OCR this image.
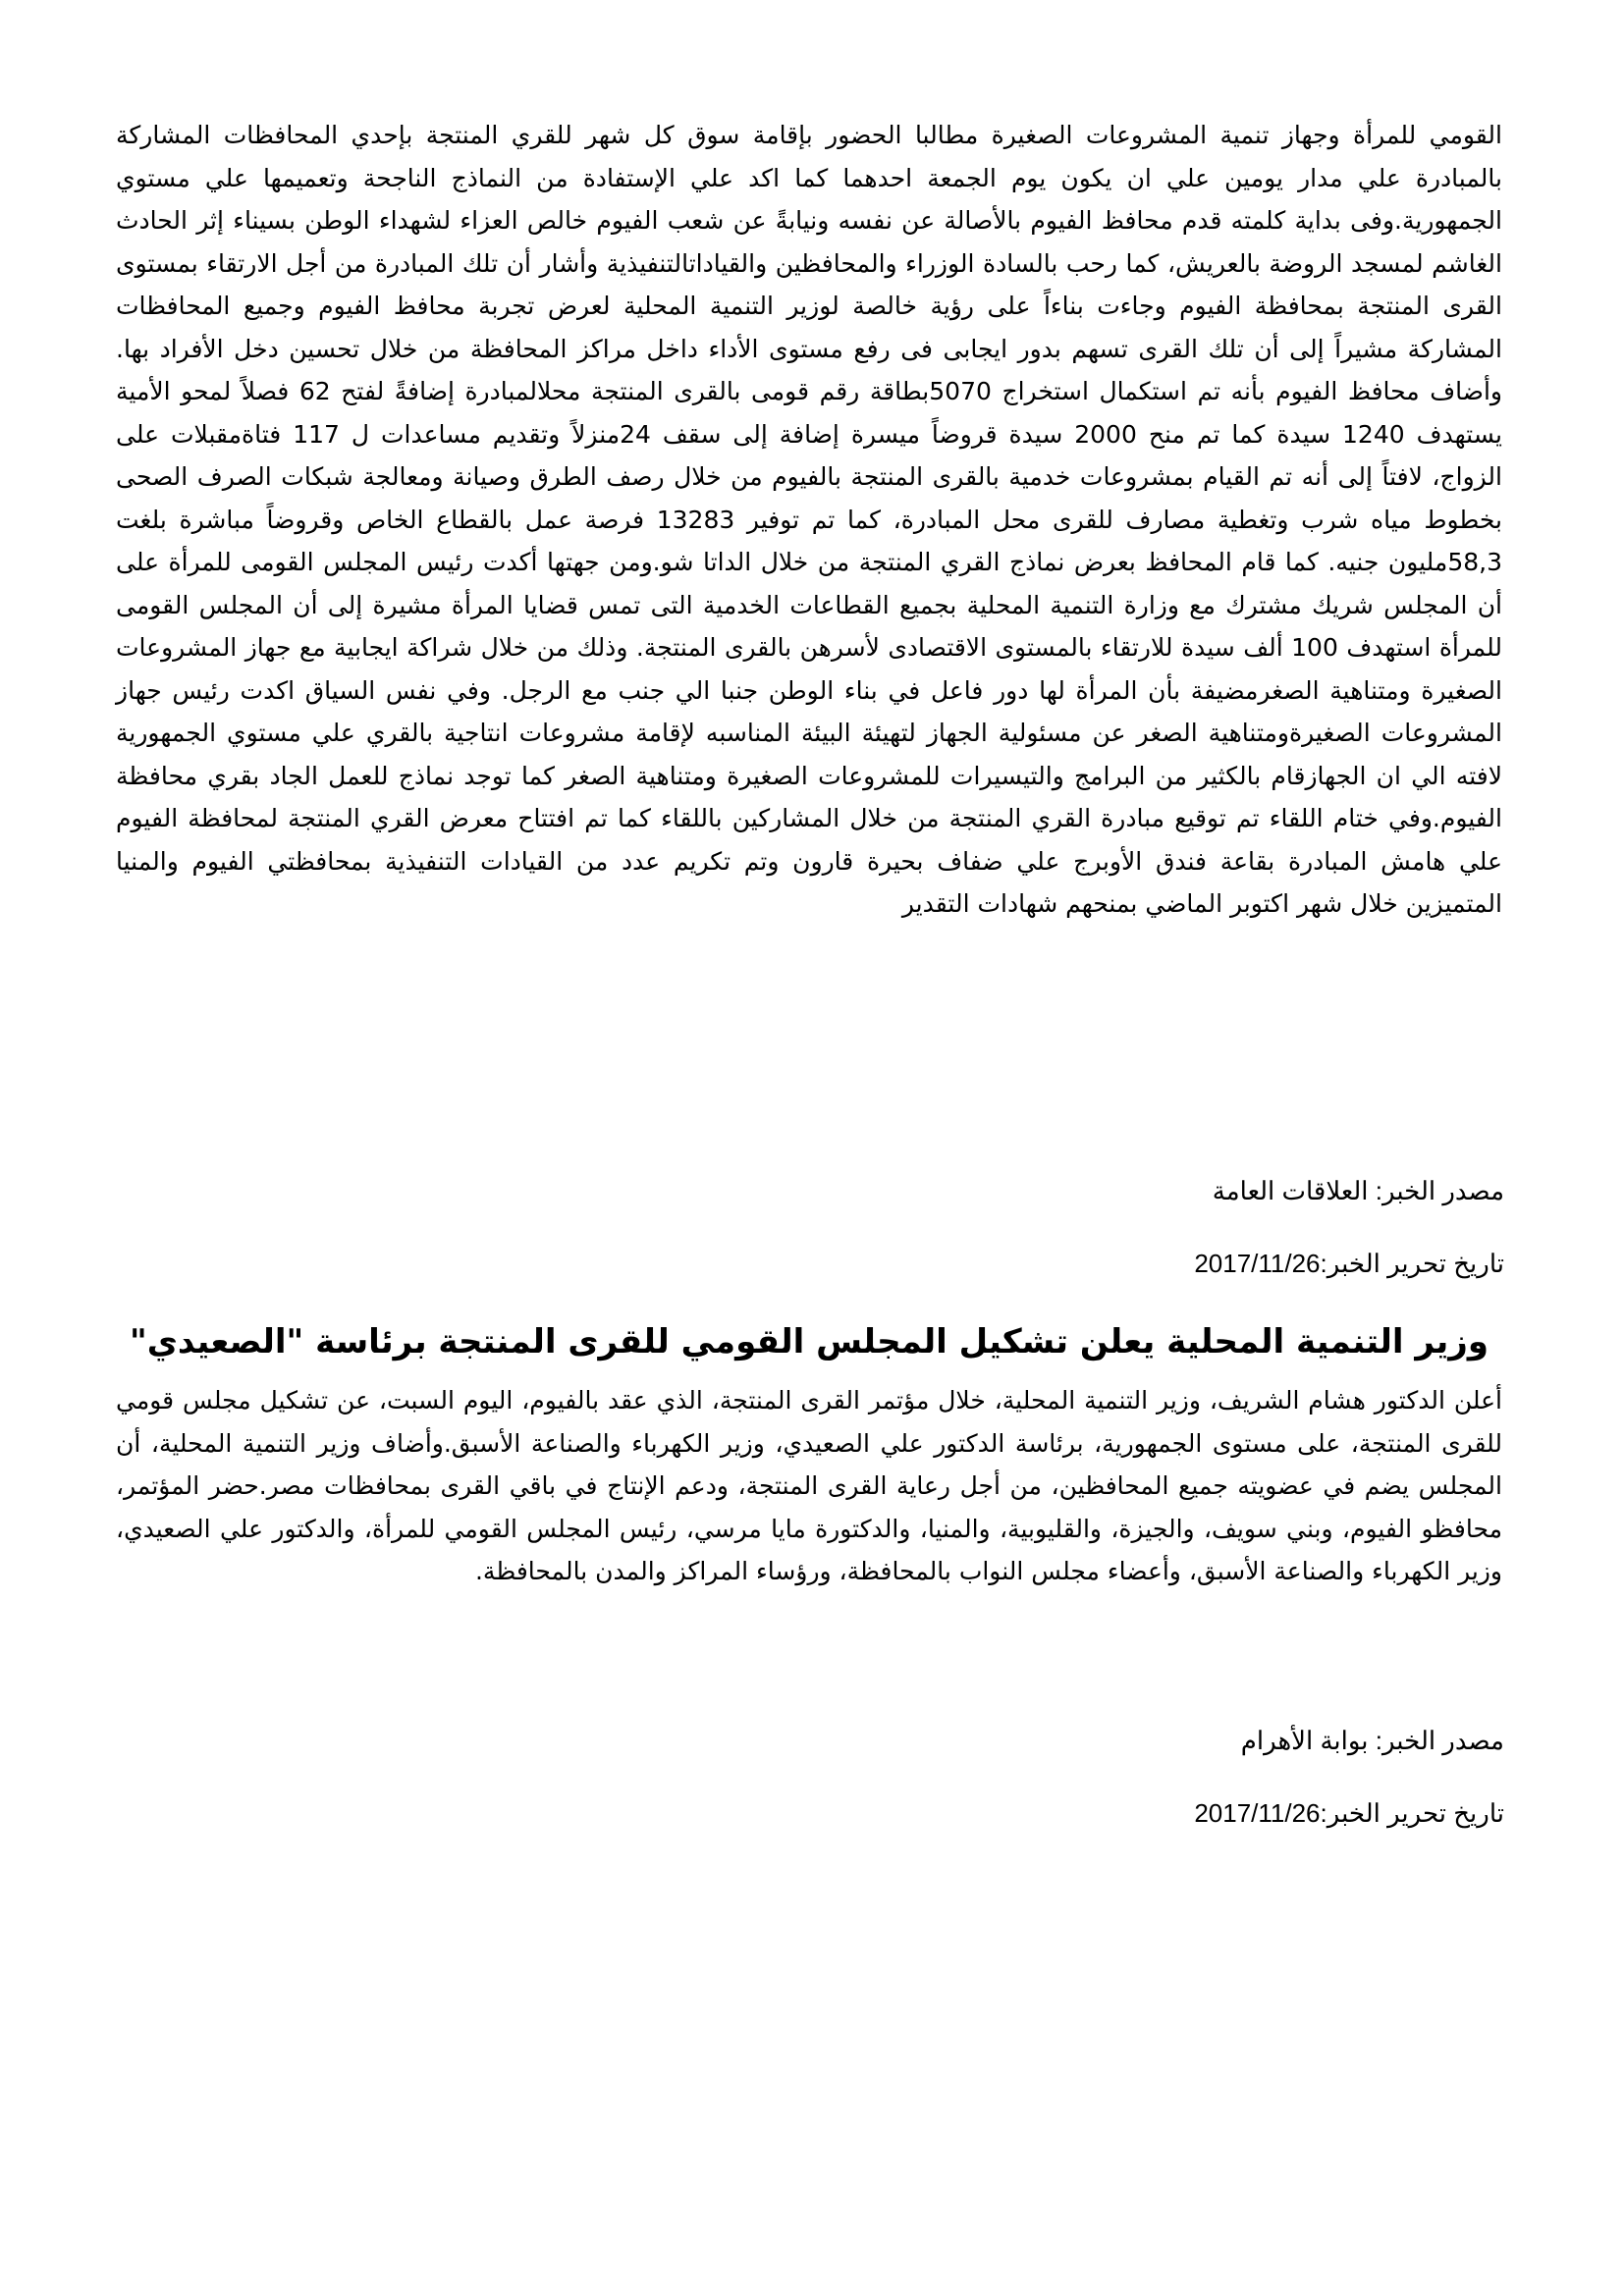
القومي للمرأة وجهاز تنمية المشروعات الصغيرة مطالبا الحضور بإقامة سوق كل شهر للقري المنتجة بإحدي المحافظات المشاركة بالمبادرة علي مدار يومين علي ان يكون يوم الجمعة احدهما كما اكد علي الإستفادة من النماذج الناجحة وتعميمها علي مستوي الجمهورية.وفى بداية كلمته قدم محافظ الفيوم بالأصالة عن نفسه ونيابةً عن شعب الفيوم خالص العزاء لشهداء الوطن بسيناء إثر الحادث الغاشم لمسجد الروضة بالعريش، كما رحب بالسادة الوزراء والمحافظين والقياداتالتنفيذية وأشار أن تلك المبادرة من أجل الارتقاء بمستوى القرى المنتجة بمحافظة الفيوم وجاءت بناءاً على رؤية خالصة لوزير التنمية المحلية لعرض تجربة محافظ الفيوم وجميع المحافظات المشاركة مشيراً إلى أن تلك القرى تسهم بدور ايجابى فى رفع مستوى الأداء داخل مراكز المحافظة من خلال تحسين دخل الأفراد بها. وأضاف محافظ الفيوم بأنه تم استكمال استخراج 5070بطاقة رقم قومى بالقرى المنتجة محلالمبادرة إضافةً لفتح 62 فصلاً لمحو الأمية يستهدف 1240 سيدة كما تم منح 2000 سيدة قروضاً ميسرة إضافة إلى سقف 24منزلاً وتقديم مساعدات ل 117 فتاةمقبلات على الزواج، لافتاً إلى أنه تم القيام بمشروعات خدمية بالقرى المنتجة بالفيوم من خلال رصف الطرق وصيانة ومعالجة شبكات الصرف الصحى بخطوط مياه شرب وتغطية مصارف للقرى محل المبادرة، كما تم توفير 13283 فرصة عمل بالقطاع الخاص وقروضاً مباشرة بلغت 58,3مليون جنيه. كما قام المحافظ بعرض نماذج القري المنتجة من خلال الداتا شو.ومن جهتها أكدت رئيس المجلس القومى للمرأة على أن المجلس شريك مشترك مع وزارة التنمية المحلية بجميع القطاعات الخدمية التى تمس قضايا المرأة مشيرة إلى أن المجلس القومى للمرأة استهدف 100 ألف سيدة للارتقاء بالمستوى الاقتصادى لأسرهن بالقرى المنتجة. وذلك من خلال شراكة ايجابية مع جهاز المشروعات الصغيرة ومتناهية الصغرمضيفة بأن المرأة لها دور فاعل في بناء الوطن جنبا الي جنب مع الرجل. وفي نفس السياق اكدت رئيس جهاز المشروعات الصغيرةومتناهية الصغر عن مسئولية الجهاز لتهيئة البيئة المناسبه لإقامة مشروعات انتاجية بالقري علي مستوي الجمهورية لافته الي ان الجهازقام بالكثير من البرامج والتيسيرات للمشروعات الصغيرة ومتناهية الصغر كما توجد نماذج للعمل الجاد بقري محافظة الفيوم.وفي ختام اللقاء تم توقيع مبادرة القري المنتجة من خلال المشاركين باللقاء كما تم افتتاح معرض القري المنتجة لمحافظة الفيوم علي هامش المبادرة بقاعة فندق الأوبرج علي ضفاف بحيرة قارون وتم تكريم عدد من القيادات التنفيذية بمحافظتي الفيوم والمنيا المتميزين خلال شهر اكتوبر الماضي بمنحهم شهادات التقدير

مصدر الخبر: العلاقات العامة

تاريخ تحرير الخبر:2017/11/26

وزير التنمية المحلية يعلن تشكيل المجلس القومي للقرى المنتجة برئاسة "الصعيدي"

أعلن الدكتور هشام الشريف، وزير التنمية المحلية، خلال مؤتمر القرى المنتجة، الذي عقد بالفيوم، اليوم السبت، عن تشكيل مجلس قومي للقرى المنتجة، على مستوى الجمهورية، برئاسة الدكتور علي الصعيدي، وزير الكهرباء والصناعة الأسبق.وأضاف وزير التنمية المحلية، أن المجلس يضم في عضويته جميع المحافظين، من أجل رعاية القرى المنتجة، ودعم الإنتاج في باقي القرى بمحافظات مصر.حضر المؤتمر، محافظو الفيوم، وبني سويف، والجيزة، والقليوبية، والمنيا، والدكتورة مايا مرسي، رئيس المجلس القومي للمرأة، والدكتور علي الصعيدي، وزير الكهرباء والصناعة الأسبق، وأعضاء مجلس النواب بالمحافظة، ورؤساء المراكز والمدن بالمحافظة.

مصدر الخبر: بوابة الأهرام

تاريخ تحرير الخبر:2017/11/26
